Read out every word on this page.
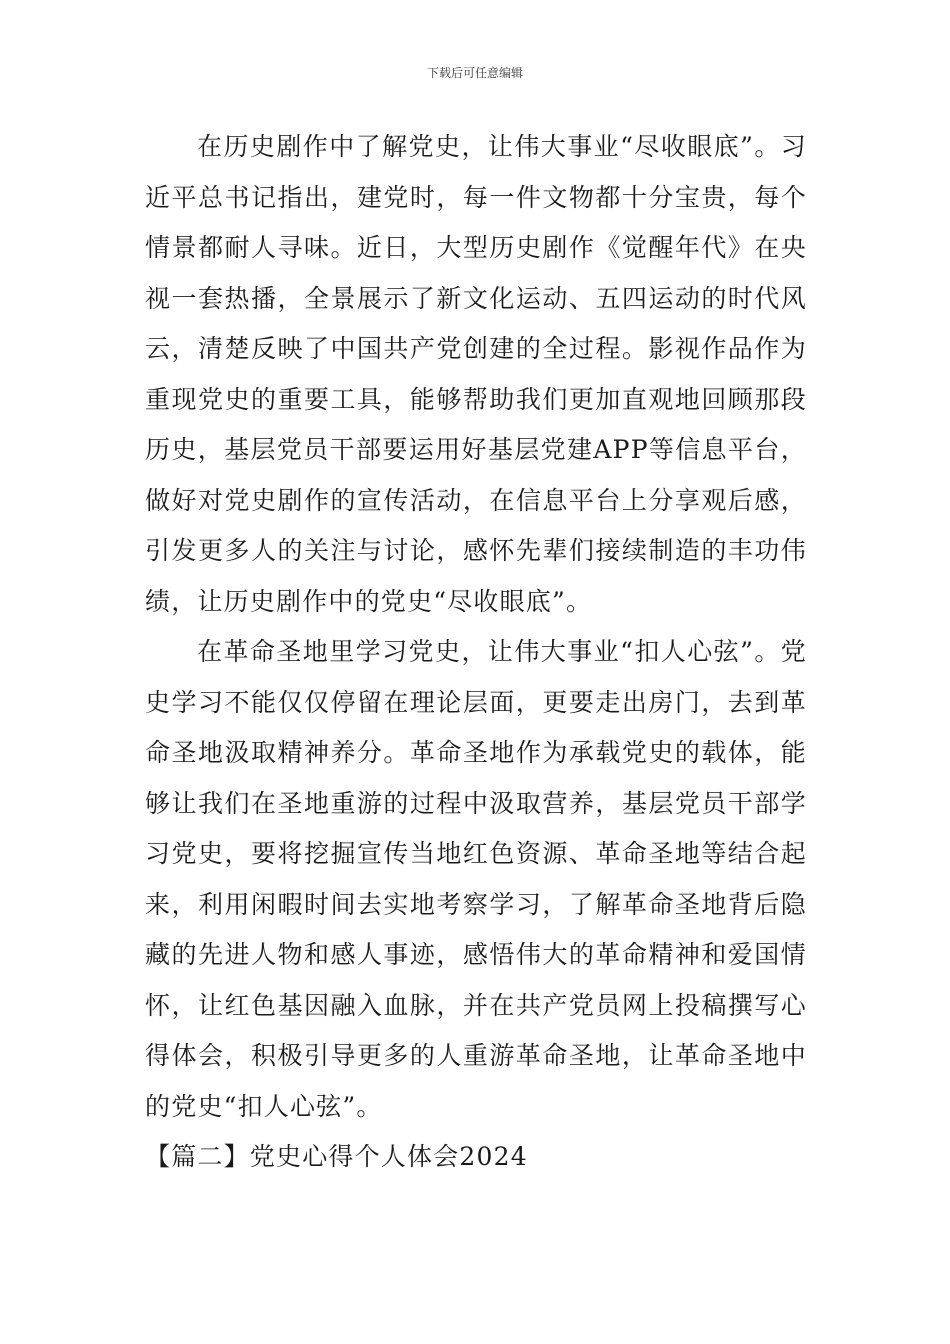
下载后可任意编辑

在历史剧作中了解党史，让伟大事业“尽收眼底”。习近平总书记指出，建党时，每一件文物都十分宝贵，每个情景都耐人寻味。近日，大型历史剧作《觉醒年代》在央视一套热播，全景展示了新文化运动、五四运动的时代风云，清楚反映了中国共产党创建的全过程。影视作品作为重现党史的重要工具，能够帮助我们更加直观地回顾那段历史，基层党员干部要运用好基层党建APP等信息平台，做好对党史剧作的宣传活动，在信息平台上分享观后感，引发更多人的关注与讨论，感怀先辈们接续制造的丰功伟绩，让历史剧作中的党史“尽收眼底”。

在革命圣地里学习党史，让伟大事业“扣人心弦”。党史学习不能仅仅停留在理论层面，更要走出房门，去到革命圣地汲取精神养分。革命圣地作为承载党史的载体，能够让我们在圣地重游的过程中汲取营养，基层党员干部学习党史，要将挖掘宣传当地红色资源、革命圣地等结合起来，利用闲暇时间去实地考察学习，了解革命圣地背后隐藏的先进人物和感人事迹，感悟伟大的革命精神和爱国情怀，让红色基因融入血脉，并在共产党员网上投稿撰写心得体会，积极引导更多的人重游革命圣地，让革命圣地中的党史“扣人心弦”。

【篇二】党史心得个人体会2024
